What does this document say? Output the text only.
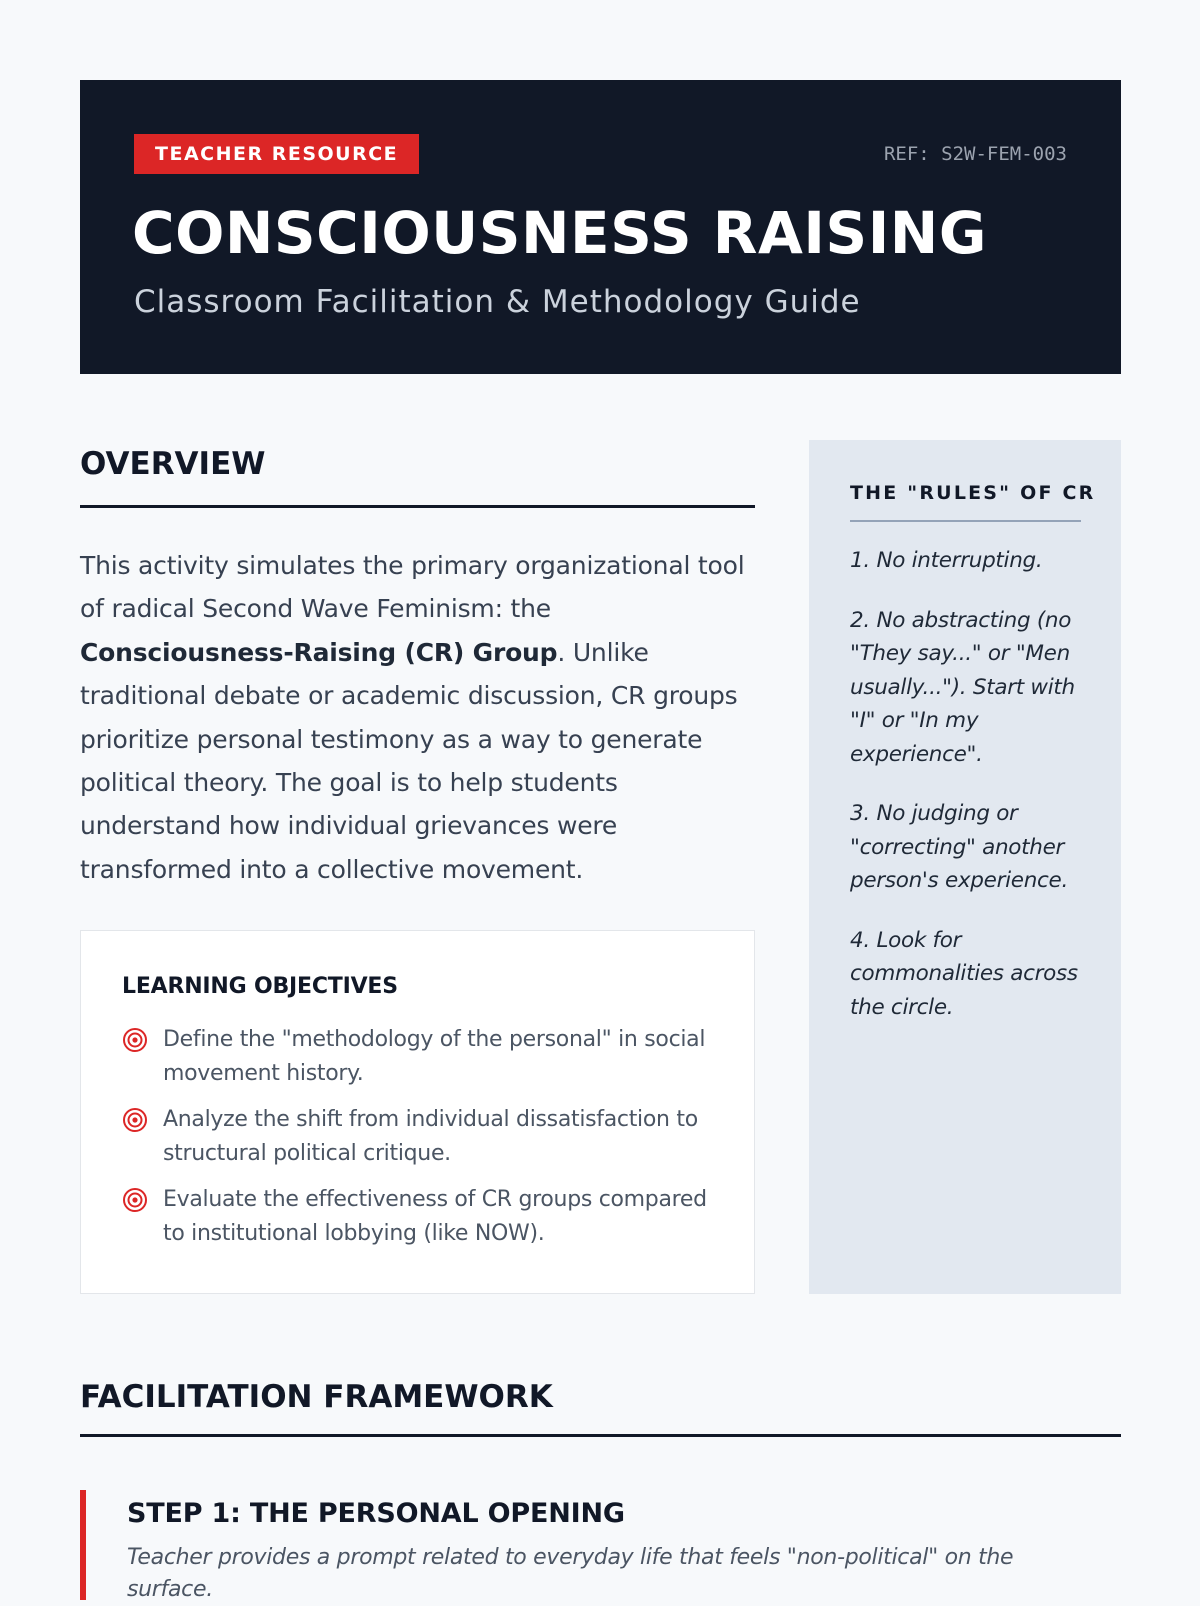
TEACHER RESOURCE	REF: S2W-FEM-003
CONSCIOUSNESS RAISING
Classroom Facilitation & Methodology Guide
OVERVIEW

This activity simulates the primary organizational tool of radical Second Wave Feminism: the Consciousness-Raising (CR) Group. Unlike traditional debate or academic discussion, CR groups prioritize personal testimony as a way to generate political theory. The goal is to help students understand how individual grievances were transformed into a collective movement.

LEARNING OBJECTIVES
Define the "methodology of the personal" in social movement history.
Analyze the shift from individual dissatisfaction to structural political critique.
Evaluate the effectiveness of CR groups compared to institutional lobbying (like NOW).
THE "RULES" OF CR
1. No interrupting.
2. No abstracting (no "They say..." or "Men usually..."). Start with "I" or "In my experience".
3. No judging or "correcting" another person's experience.
4. Look for commonalities across the circle.
FACILITATION FRAMEWORK
STEP 1: THE PERSONAL OPENING

Teacher provides a prompt related to everyday life that feels "non-political" on the surface.
